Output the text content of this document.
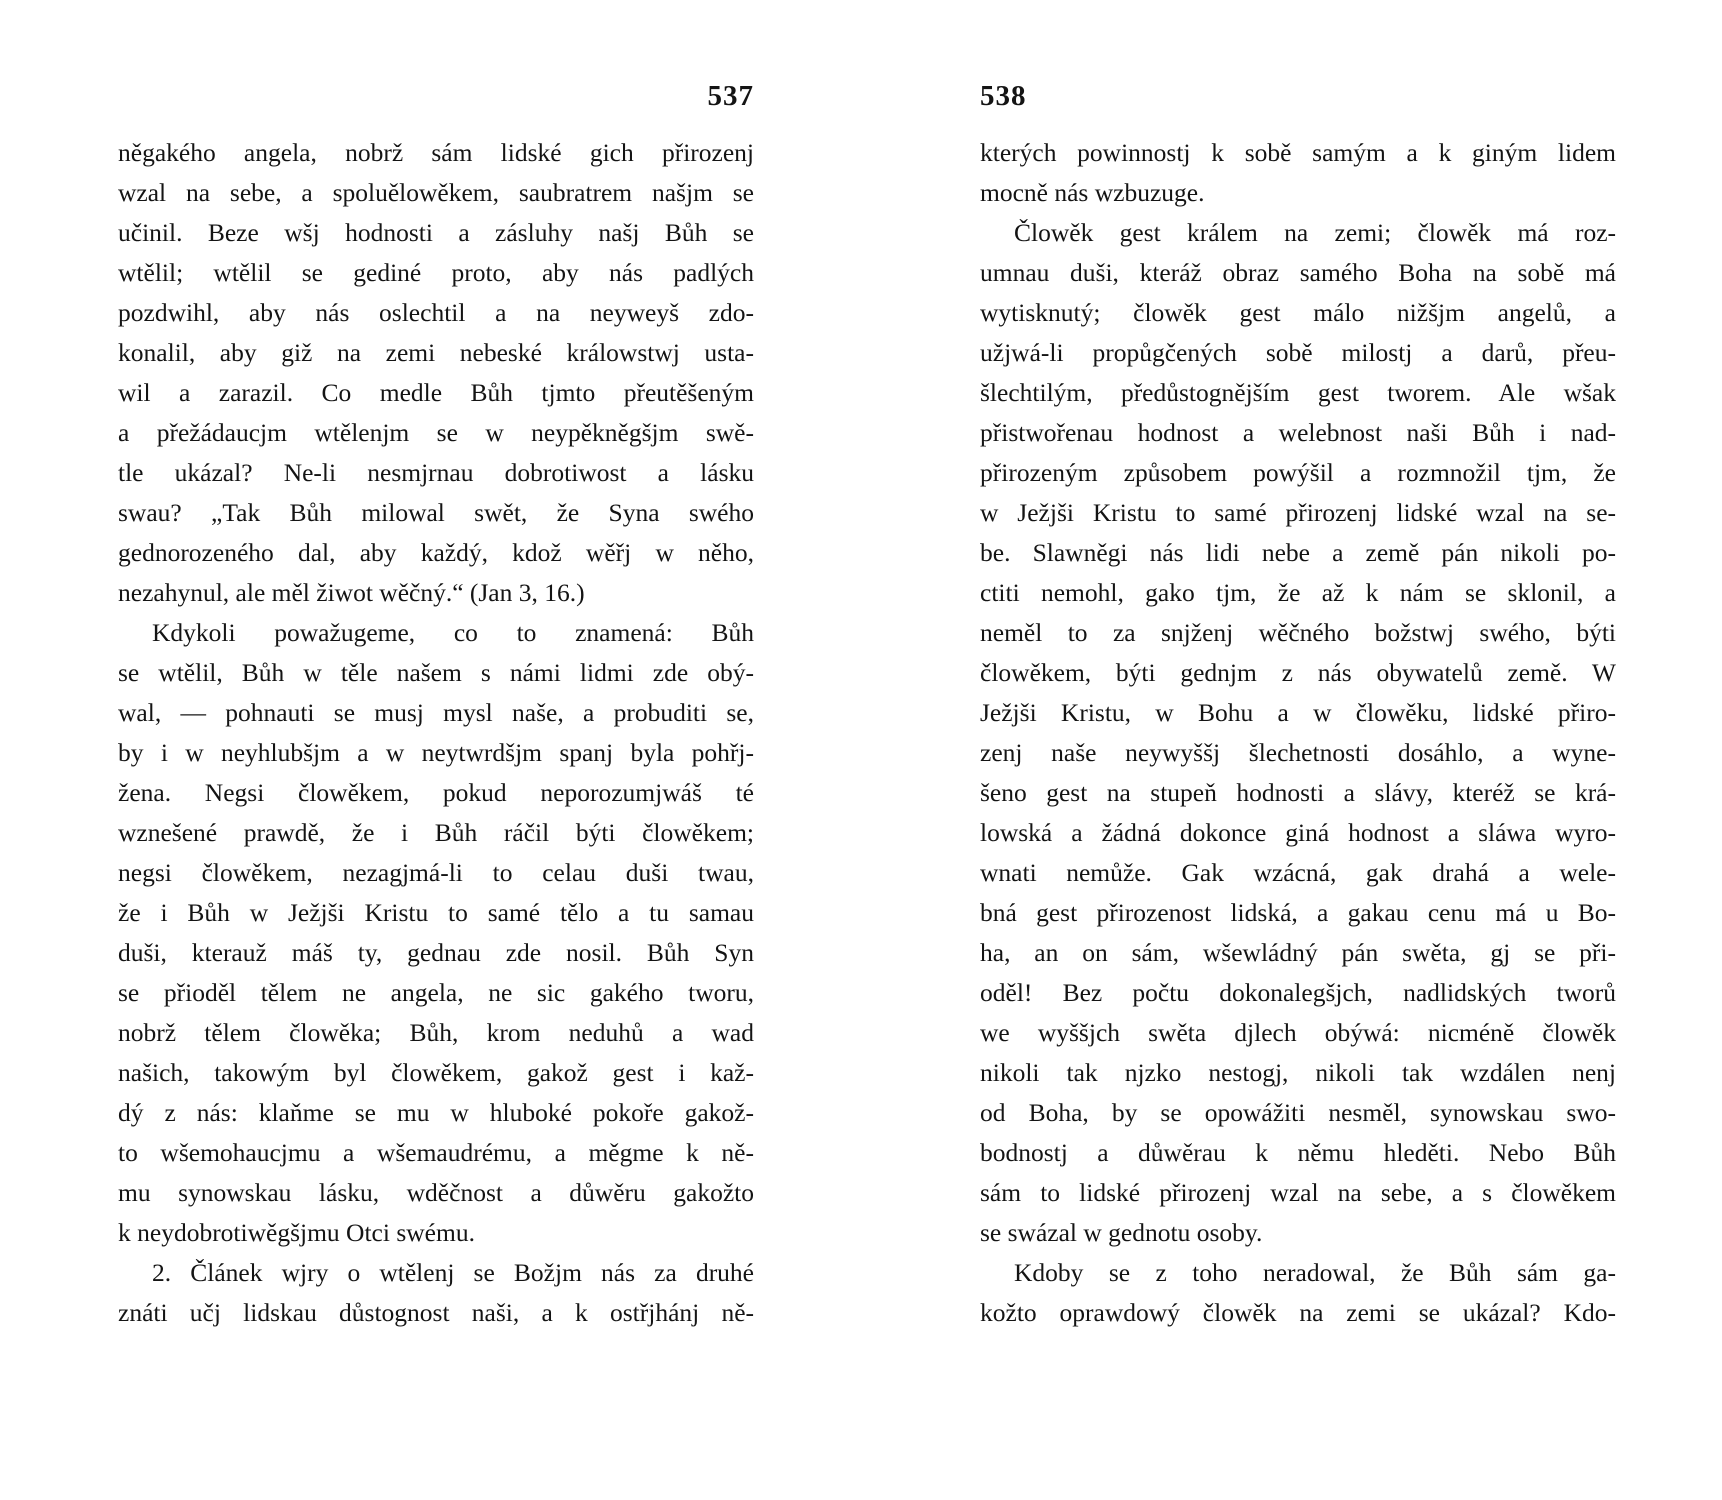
537
něgakého angela, nobrž sám lidské gich přirozenj
wzal na sebe, a spoluělowěkem, saubratrem našjm se
učinil. Beze wšj hodnosti a zásluhy našj Bůh se
wtělil; wtělil se gediné proto, aby nás padlých
pozdwihl, aby nás oslechtil a na neyweyš zdo-
konalil, aby giž na zemi nebeské králowstwj usta-
wil a zarazil. Co medle Bůh tjmto přeutěšeným
a přežádaucjm wtělenjm se w neypěkněgšjm swě-
tle ukázal? Ne-li nesmjrnau dobrotiwost a lásku
swau? „Tak Bůh milowal swět, že Syna swého
gednorozeného dal, aby každý, kdož wěřj w něho,
nezahynul, ale měl žiwot wěčný.“ (Jan 3, 16.)
Kdykoli powažugeme, co to znamená: Bůh
se wtělil, Bůh w těle našem s námi lidmi zde obý-
wal, — pohnauti se musj mysl naše, a probuditi se,
by i w neyhlubšjm a w neytwrdšjm spanj byla pohřj-
žena. Negsi člowěkem, pokud neporozumjwáš té
wznešené prawdě, že i Bůh ráčil býti člowěkem;
negsi člowěkem, nezagjmá-li to celau duši twau,
že i Bůh w Ježjši Kristu to samé tělo a tu samau
duši, kterauž máš ty, gednau zde nosil. Bůh Syn
se přioděl tělem ne angela, ne sic gakého tworu,
nobrž tělem člowěka; Bůh, krom neduhů a wad
našich, takowým byl člowěkem, gakož gest i kaž-
dý z nás: klaňme se mu w hluboké pokoře gakož-
to wšemohaucjmu a wšemaudrému, a měgme k ně-
mu synowskau lásku, wděčnost a důwěru gakožto
k neydobrotiwěgšjmu Otci swému.
2. Článek wjry o wtělenj se Božjm nás za druhé
znáti učj lidskau důstognost naši, a k ostřjhánj ně-
538
kterých powinnostj k sobě samým a k giným lidem
mocně nás wzbuzuge.
Člowěk gest králem na zemi; člowěk má roz-
umnau duši, kteráž obraz samého Boha na sobě má
wytisknutý; člowěk gest málo nižšjm angelů, a
užjwá-li propůgčených sobě milostj a darů, přeu-
šlechtilým, předůstognějším gest tworem. Ale wšak
přistwořenau hodnost a welebnost naši Bůh i nad-
přirozeným způsobem powýšil a rozmnožil tjm, že
w Ježjši Kristu to samé přirozenj lidské wzal na se-
be. Slawněgi nás lidi nebe a země pán nikoli po-
ctiti nemohl, gako tjm, že až k nám se sklonil, a
neměl to za snjženj wěčného božstwj swého, býti
člowěkem, býti gednjm z nás obywatelů země. W
Ježjši Kristu, w Bohu a w člowěku, lidské přiro-
zenj naše neywyššj šlechetnosti dosáhlo, a wyne-
šeno gest na stupeň hodnosti a slávy, kteréž se krá-
lowská a žádná dokonce giná hodnost a sláwa wyro-
wnati nemůže. Gak wzácná, gak drahá a wele-
bná gest přirozenost lidská, a gakau cenu má u Bo-
ha, an on sám, wšewládný pán swěta, gj se při-
oděl! Bez počtu dokonalegšjch, nadlidských tworů
we wyššjch swěta djlech obýwá: nicméně člowěk
nikoli tak njzko nestogj, nikoli tak wzdálen nenj
od Boha, by se opowážiti nesměl, synowskau swo-
bodnostj a důwěrau k němu hleděti. Nebo Bůh
sám to lidské přirozenj wzal na sebe, a s člowěkem
se swázal w gednotu osoby.
Kdoby se z toho neradowal, že Bůh sám ga-
kožto oprawdowý člowěk na zemi se ukázal? Kdo-
